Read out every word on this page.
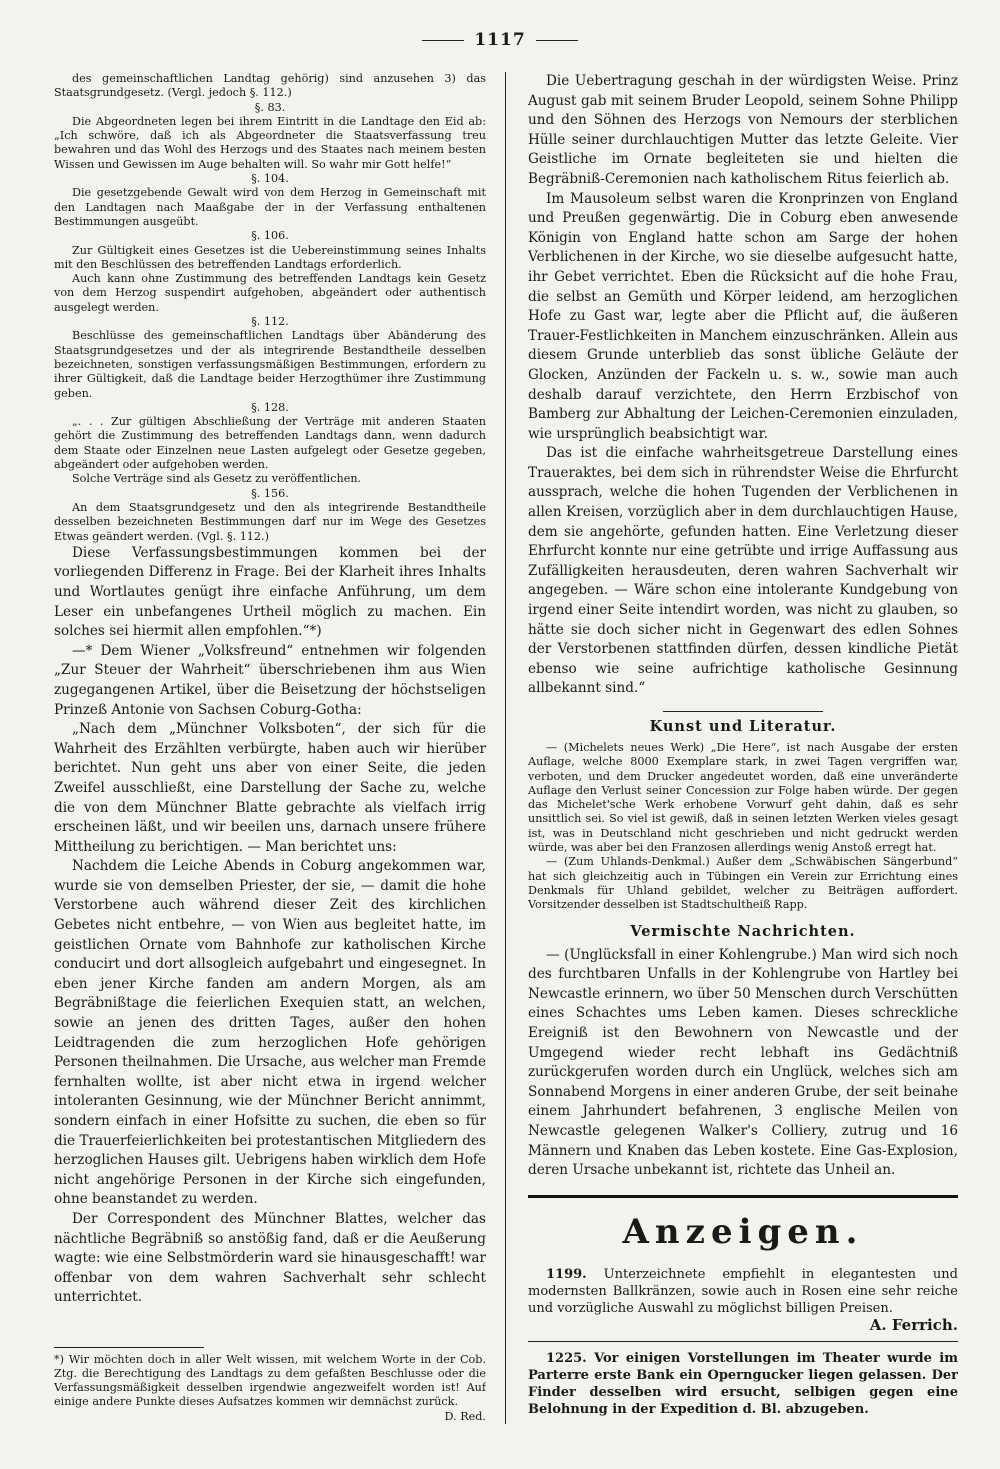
1117

des gemeinschaftlichen Landtag gehörig) sind anzusehen 3) das Staatsgrundgesetz. (Vergl. jedoch §. 112.)

§. 83.

Die Abgeordneten legen bei ihrem Eintritt in die Landtage den Eid ab: „Ich schwöre, daß ich als Abgeordneter die Staatsverfassung treu bewahren und das Wohl des Herzogs und des Staates nach meinem besten Wissen und Gewissen im Auge behalten will. So wahr mir Gott helfe!“

§. 104.

Die gesetzgebende Gewalt wird von dem Herzog in Gemeinschaft mit den Landtagen nach Maaßgabe der in der Verfassung enthaltenen Bestimmungen ausgeübt.

§. 106.

Zur Gültigkeit eines Gesetzes ist die Uebereinstimmung seines Inhalts mit den Beschlüssen des betreffenden Landtags erforderlich.

Auch kann ohne Zustimmung des betreffenden Landtags kein Gesetz von dem Herzog suspendirt aufgehoben, abgeändert oder authentisch ausgelegt werden.

§. 112.

Beschlüsse des gemeinschaftlichen Landtags über Abänderung des Staatsgrundgesetzes und der als integrirende Bestandtheile desselben bezeichneten, sonstigen verfassungsmäßigen Bestimmungen, erfordern zu ihrer Gültigkeit, daß die Landtage beider Herzogthümer ihre Zustimmung geben.

§. 128.

„. . . Zur gültigen Abschließung der Verträge mit anderen Staaten gehört die Zustimmung des betreffenden Landtags dann, wenn dadurch dem Staate oder Einzelnen neue Lasten aufgelegt oder Gesetze gegeben, abgeändert oder aufgehoben werden.

Solche Verträge sind als Gesetz zu veröffentlichen.

§. 156.

An dem Staatsgrundgesetz und den als integrirende Bestandtheile desselben bezeichneten Bestimmungen darf nur im Wege des Gesetzes Etwas geändert werden. (Vgl. §. 112.)

Diese Verfassungsbestimmungen kommen bei der vorliegenden Differenz in Frage. Bei der Klarheit ihres Inhalts und Wortlautes genügt ihre einfache Anführung, um dem Leser ein unbefangenes Urtheil möglich zu machen. Ein solches sei hiermit allen empfohlen.“*)

—* Dem Wiener „Volksfreund“ entnehmen wir folgenden „Zur Steuer der Wahrheit“ überschriebenen ihm aus Wien zugegangenen Artikel, über die Beisetzung der höchstseligen Prinzeß Antonie von Sachsen Coburg-Gotha:

„Nach dem „Münchner Volksboten“, der sich für die Wahrheit des Erzählten verbürgte, haben auch wir hierüber berichtet. Nun geht uns aber von einer Seite, die jeden Zweifel ausschließt, eine Darstellung der Sache zu, welche die von dem Münchner Blatte gebrachte als vielfach irrig erscheinen läßt, und wir beeilen uns, darnach unsere frühere Mittheilung zu berichtigen. — Man berichtet uns:

Nachdem die Leiche Abends in Coburg angekommen war, wurde sie von demselben Priester, der sie, — damit die hohe Verstorbene auch während dieser Zeit des kirchlichen Gebetes nicht entbehre, — von Wien aus begleitet hatte, im geistlichen Ornate vom Bahnhofe zur katholischen Kirche conducirt und dort allsogleich aufgebahrt und eingesegnet. In eben jener Kirche fanden am andern Morgen, als am Begräbnißtage die feierlichen Exequien statt, an welchen, sowie an jenen des dritten Tages, außer den hohen Leidtragenden die zum herzoglichen Hofe gehörigen Personen theilnahmen. Die Ursache, aus welcher man Fremde fernhalten wollte, ist aber nicht etwa in irgend welcher intoleranten Gesinnung, wie der Münchner Bericht annimmt, sondern einfach in einer Hofsitte zu suchen, die eben so für die Trauerfeierlichkeiten bei protestantischen Mitgliedern des herzoglichen Hauses gilt. Uebrigens haben wirklich dem Hofe nicht angehörige Personen in der Kirche sich eingefunden, ohne beanstandet zu werden.

Der Correspondent des Münchner Blattes, welcher das nächtliche Begräbniß so anstößig fand, daß er die Aeußerung wagte: wie eine Selbstmörderin ward sie hinausgeschafft! war offenbar von dem wahren Sachverhalt sehr schlecht unterrichtet.

*) Wir möchten doch in aller Welt wissen, mit welchem Worte in der Cob. Ztg. die Berechtigung des Landtags zu dem gefaßten Beschlusse oder die Verfassungsmäßigkeit desselben irgendwie angezweifelt worden ist! Auf einige andere Punkte dieses Aufsatzes kommen wir demnächst zurück.

D. Red.

Die Uebertragung geschah in der würdigsten Weise. Prinz August gab mit seinem Bruder Leopold, seinem Sohne Philipp und den Söhnen des Herzogs von Nemours der sterblichen Hülle seiner durchlauchtigen Mutter das letzte Geleite. Vier Geistliche im Ornate begleiteten sie und hielten die Begräbniß-Ceremonien nach katholischem Ritus feierlich ab.

Im Mausoleum selbst waren die Kronprinzen von England und Preußen gegenwärtig. Die in Coburg eben anwesende Königin von England hatte schon am Sarge der hohen Verblichenen in der Kirche, wo sie dieselbe aufgesucht hatte, ihr Gebet verrichtet. Eben die Rücksicht auf die hohe Frau, die selbst an Gemüth und Körper leidend, am herzoglichen Hofe zu Gast war, legte aber die Pflicht auf, die äußeren Trauer-Festlichkeiten in Manchem einzuschränken. Allein aus diesem Grunde unterblieb das sonst übliche Geläute der Glocken, Anzünden der Fackeln u. s. w., sowie man auch deshalb darauf verzichtete, den Herrn Erzbischof von Bamberg zur Abhaltung der Leichen-Ceremonien einzuladen, wie ursprünglich beabsichtigt war.

Das ist die einfache wahrheitsgetreue Darstellung eines Traueraktes, bei dem sich in rührendster Weise die Ehrfurcht aussprach, welche die hohen Tugenden der Verblichenen in allen Kreisen, vorzüglich aber in dem durchlauchtigen Hause, dem sie angehörte, gefunden hatten. Eine Verletzung dieser Ehrfurcht konnte nur eine getrübte und irrige Auffassung aus Zufälligkeiten herausdeuten, deren wahren Sachverhalt wir angegeben. — Wäre schon eine intolerante Kundgebung von irgend einer Seite intendirt worden, was nicht zu glauben, so hätte sie doch sicher nicht in Gegenwart des edlen Sohnes der Verstorbenen stattfinden dürfen, dessen kindliche Pietät ebenso wie seine aufrichtige katholische Gesinnung allbekannt sind.“

Kunst und Literatur.

— (Michelets neues Werk) „Die Here“, ist nach Ausgabe der ersten Auflage, welche 8000 Exemplare stark, in zwei Tagen vergriffen war, verboten, und dem Drucker angedeutet worden, daß eine unveränderte Auflage den Verlust seiner Concession zur Folge haben würde. Der gegen das Michelet'sche Werk erhobene Vorwurf geht dahin, daß es sehr unsittlich sei. So viel ist gewiß, daß in seinen letzten Werken vieles gesagt ist, was in Deutschland nicht geschrieben und nicht gedruckt werden würde, was aber bei den Franzosen allerdings wenig Anstoß erregt hat.

— (Zum Uhlands-Denkmal.) Außer dem „Schwäbischen Sängerbund“ hat sich gleichzeitig auch in Tübingen ein Verein zur Errichtung eines Denkmals für Uhland gebildet, welcher zu Beiträgen auffordert. Vorsitzender desselben ist Stadtschultheiß Rapp.

Vermischte Nachrichten.

— (Unglücksfall in einer Kohlengrube.) Man wird sich noch des furchtbaren Unfalls in der Kohlengrube von Hartley bei Newcastle erinnern, wo über 50 Menschen durch Verschütten eines Schachtes ums Leben kamen. Dieses schreckliche Ereigniß ist den Bewohnern von Newcastle und der Umgegend wieder recht lebhaft ins Gedächtniß zurückgerufen worden durch ein Unglück, welches sich am Sonnabend Morgens in einer anderen Grube, der seit beinahe einem Jahrhundert befahrenen, 3 englische Meilen von Newcastle gelegenen Walker's Colliery, zutrug und 16 Männern und Knaben das Leben kostete. Eine Gas-Explosion, deren Ursache unbekannt ist, richtete das Unheil an.

Anzeigen.

1199. Unterzeichnete empfiehlt in elegantesten und modernsten Ballkränzen, sowie auch in Rosen eine sehr reiche und vorzügliche Auswahl zu möglichst billigen Preisen.

A. Ferrich.

1225. Vor einigen Vorstellungen im Theater wurde im Parterre erste Bank ein Operngucker liegen gelassen. Der Finder desselben wird ersucht, selbigen gegen eine Belohnung in der Expedition d. Bl. abzugeben.
